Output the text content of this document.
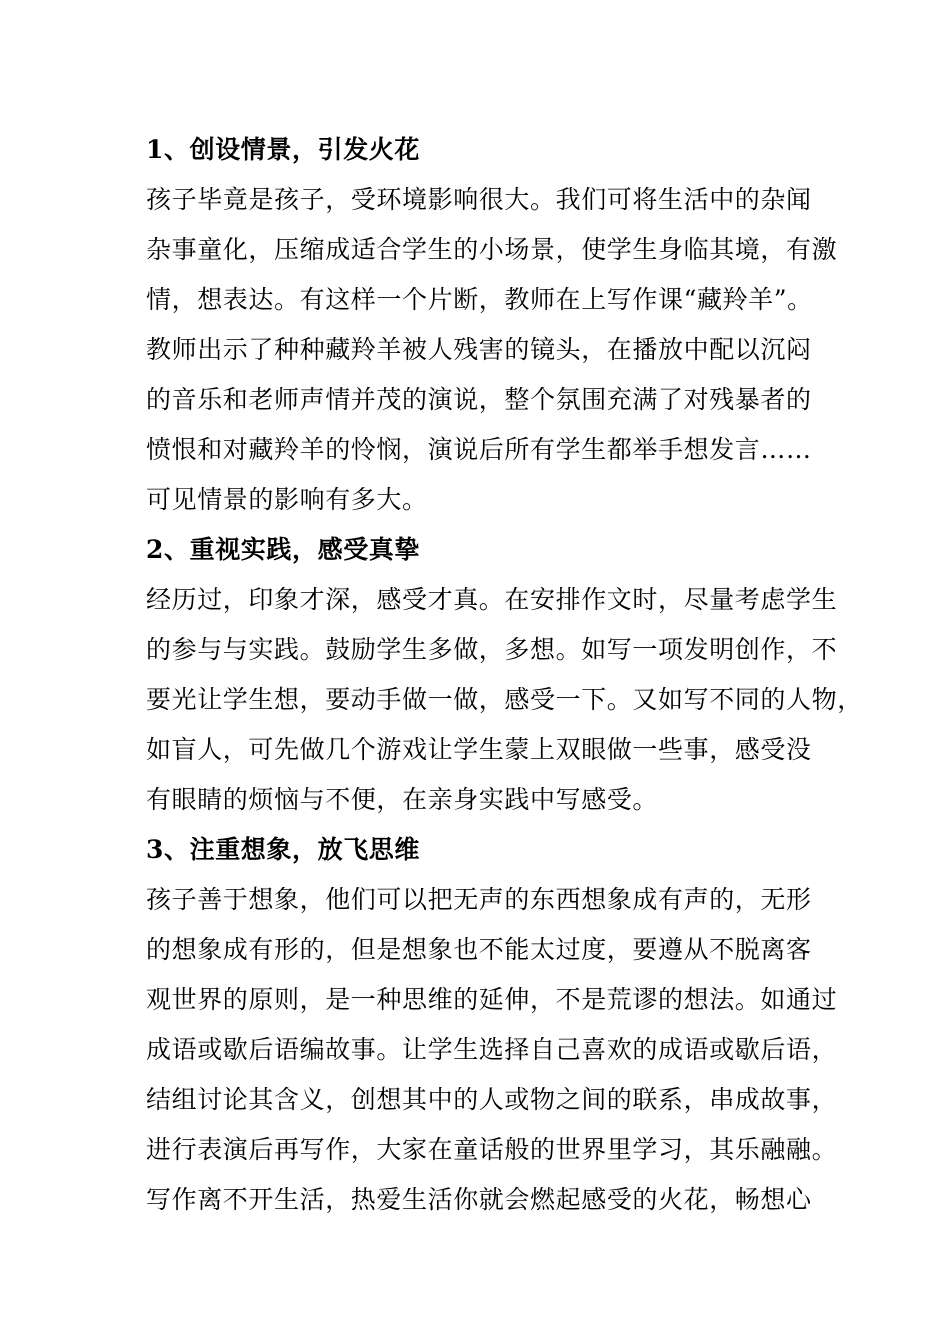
1、创设情景，引发火花
孩子毕竟是孩子，受环境影响很大。我们可将生活中的杂闻
杂事童化，压缩成适合学生的小场景，使学生身临其境，有激
情，想表达。有这样一个片断，教师在上写作课“藏羚羊”。
教师出示了种种藏羚羊被人残害的镜头，在播放中配以沉闷
的音乐和老师声情并茂的演说，整个氛围充满了对残暴者的
愤恨和对藏羚羊的怜悯，演说后所有学生都举手想发言……
可见情景的影响有多大。
2、重视实践，感受真挚
经历过，印象才深，感受才真。在安排作文时，尽量考虑学生
的参与与实践。鼓励学生多做，多想。如写一项发明创作，不
要光让学生想，要动手做一做，感受一下。又如写不同的人物，
如盲人，可先做几个游戏让学生蒙上双眼做一些事，感受没
有眼睛的烦恼与不便，在亲身实践中写感受。
3、注重想象，放飞思维
孩子善于想象，他们可以把无声的东西想象成有声的，无形
的想象成有形的，但是想象也不能太过度，要遵从不脱离客
观世界的原则，是一种思维的延伸，不是荒谬的想法。如通过
成语或歇后语编故事。让学生选择自己喜欢的成语或歇后语，
结组讨论其含义，创想其中的人或物之间的联系，串成故事，
进行表演后再写作，大家在童话般的世界里学习，其乐融融。
写作离不开生活，热爱生活你就会燃起感受的火花，畅想心
